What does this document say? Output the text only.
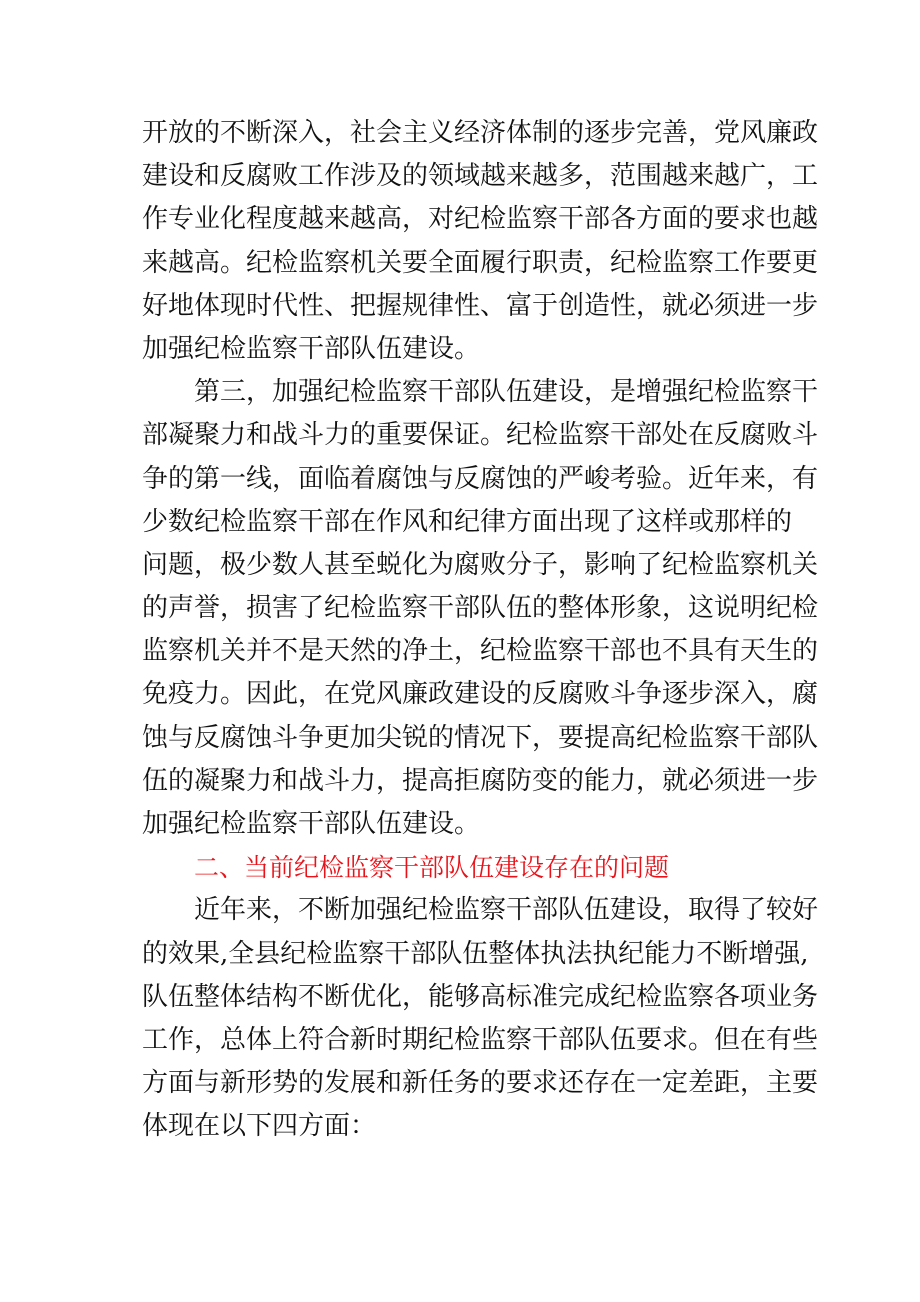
开放的不断深入，社会主义经济体制的逐步完善，党风廉政
建设和反腐败工作涉及的领域越来越多，范围越来越广，工
作专业化程度越来越高，对纪检监察干部各方面的要求也越
来越高。纪检监察机关要全面履行职责，纪检监察工作要更
好地体现时代性、把握规律性、富于创造性，就必须进一步
加强纪检监察干部队伍建设。
第三，加强纪检监察干部队伍建设，是增强纪检监察干
部凝聚力和战斗力的重要保证。纪检监察干部处在反腐败斗
争的第一线，面临着腐蚀与反腐蚀的严峻考验。近年来，有
少数纪检监察干部在作风和纪律方面出现了这样或那样的
问题，极少数人甚至蜕化为腐败分子，影响了纪检监察机关
的声誉，损害了纪检监察干部队伍的整体形象，这说明纪检
监察机关并不是天然的净土，纪检监察干部也不具有天生的
免疫力。因此，在党风廉政建设的反腐败斗争逐步深入，腐
蚀与反腐蚀斗争更加尖锐的情况下，要提高纪检监察干部队
伍的凝聚力和战斗力，提高拒腐防变的能力，就必须进一步
加强纪检监察干部队伍建设。
二、当前纪检监察干部队伍建设存在的问题
近年来，不断加强纪检监察干部队伍建设，取得了较好
的效果,全县纪检监察干部队伍整体执法执纪能力不断增强,
队伍整体结构不断优化，能够高标准完成纪检监察各项业务
工作，总体上符合新时期纪检监察干部队伍要求。但在有些
方面与新形势的发展和新任务的要求还存在一定差距，主要
体现在以下四方面：
